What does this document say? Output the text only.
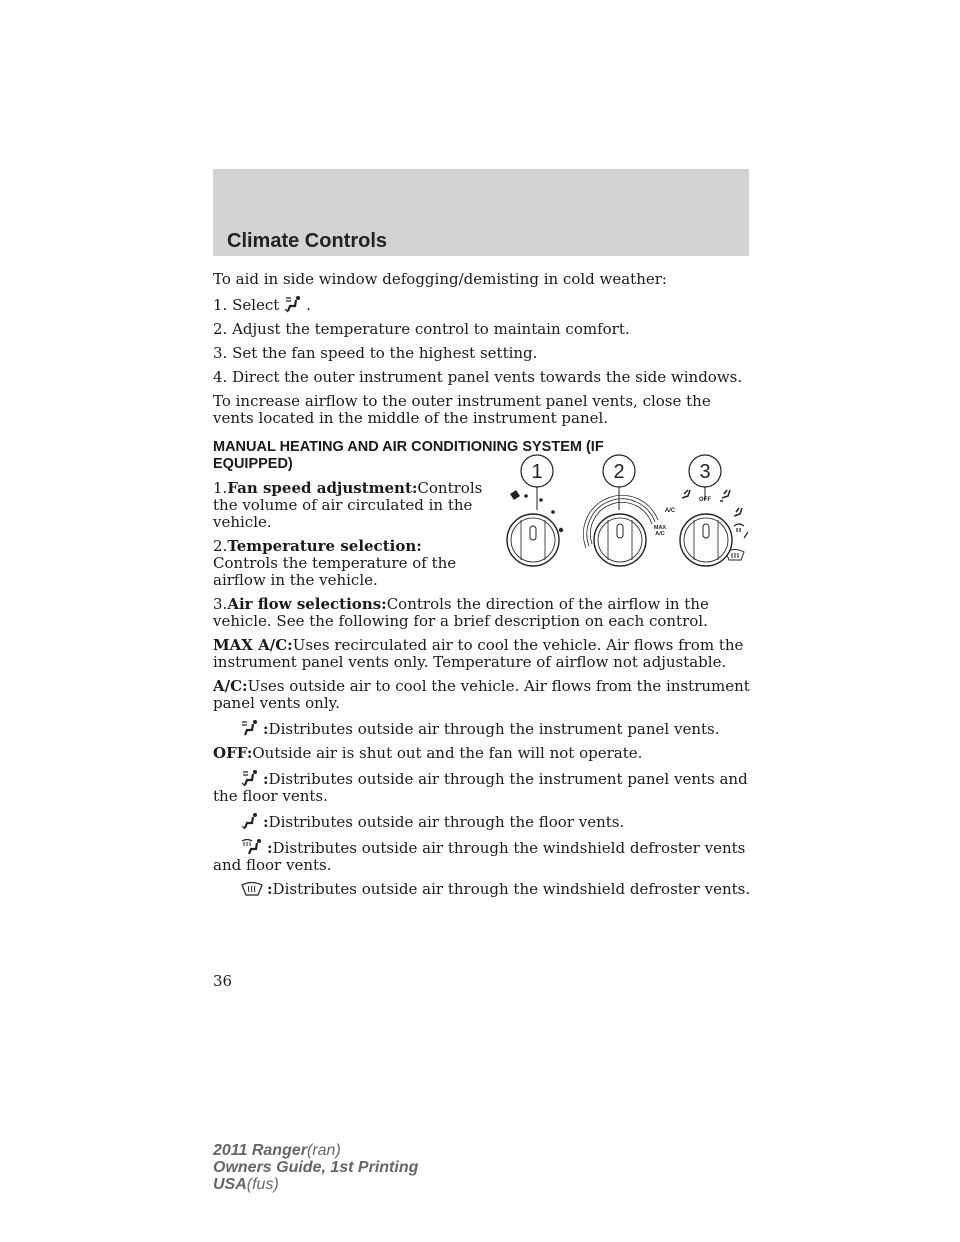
Climate Controls

To aid in side window defogging/demisting in cold weather:

1. Select .

2. Adjust the temperature control to maintain comfort.

3. Set the fan speed to the highest setting.

4. Direct the outer instrument panel vents towards the side windows.

To increase airflow to the outer instrument panel vents, close the vents located in the middle of the instrument panel.

MANUAL HEATING AND AIR CONDITIONING SYSTEM (IF EQUIPPED)

1.Fan speed adjustment:Controls the volume of air circulated in the vehicle.

2.Temperature selection:
Controls the temperature of the airflow in the vehicle.

3.Air flow selections:Controls the direction of the airflow in the vehicle. See the following for a brief description on each control.

MAX A/C:Uses recirculated air to cool the vehicle. Air flows from the instrument panel vents only. Temperature of airflow not adjustable.

A/C:Uses outside air to cool the vehicle. Air flows from the instrument panel vents only.

:Distributes outside air through the instrument panel vents.

OFF:Outside air is shut out and the fan will not operate.

:Distributes outside air through the instrument panel vents and the floor vents.

:Distributes outside air through the floor vents.

:Distributes outside air through the windshield defroster vents and floor vents.

:Distributes outside air through the windshield defroster vents.

1	2	3
OFF
A/C
MAX
A/C
36
2011 Ranger(ran)
Owners Guide, 1st Printing
USA(fus)
